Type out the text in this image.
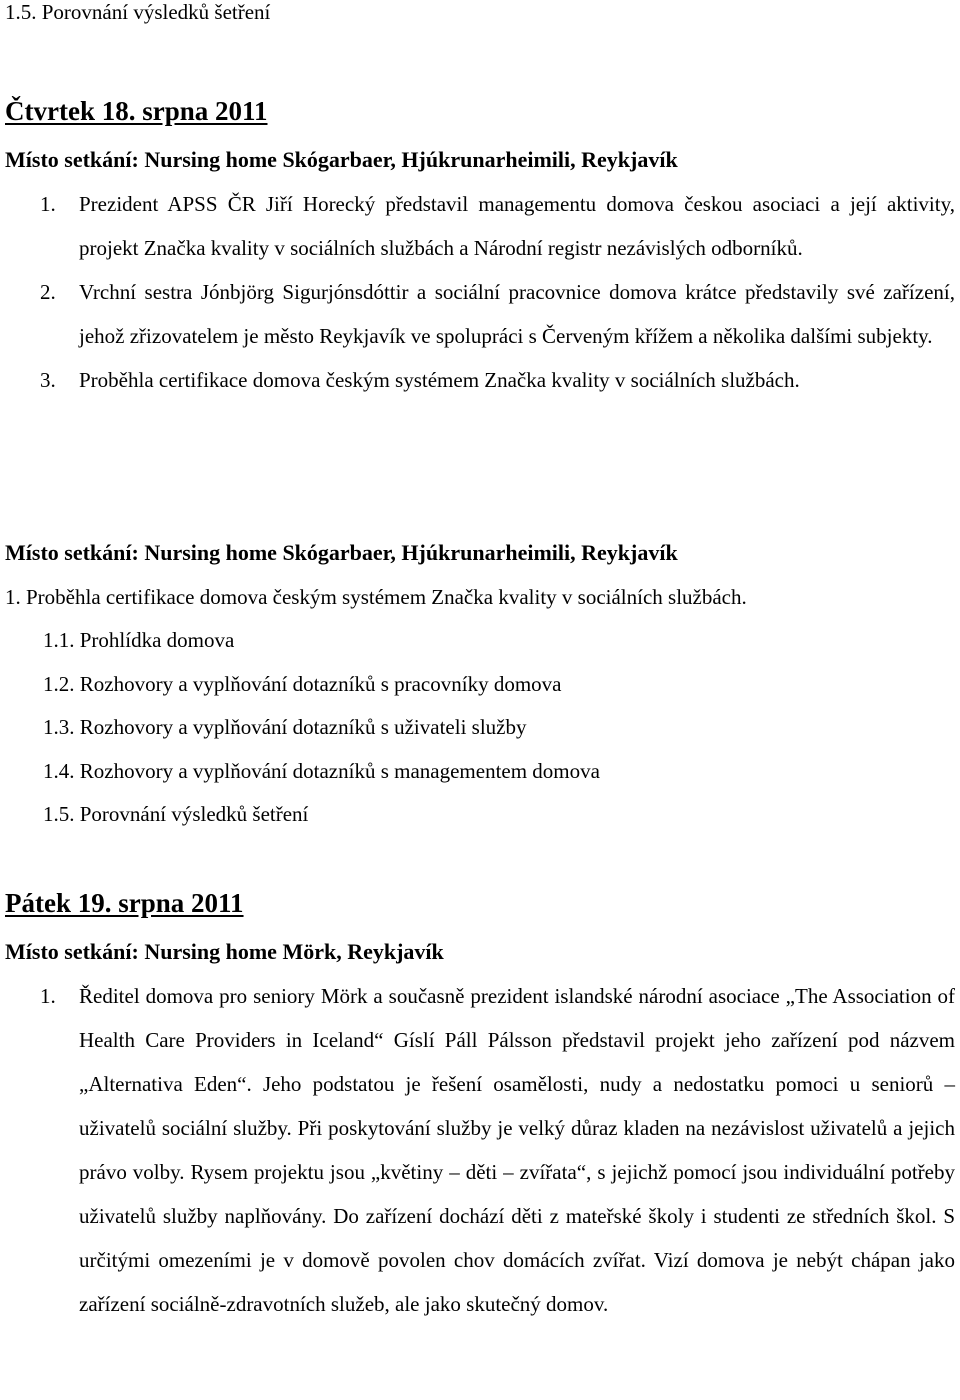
1.5. Porovnání výsledků šetření
Čtvrtek 18. srpna 2011
Místo setkání: Nursing home Skógarbaer, Hjúkrunarheimili, Reykjavík
1. Prezident APSS ČR Jiří Horecký představil managementu domova českou asociaci a její aktivity, projekt Značka kvality v sociálních službách a Národní registr nezávislých odborníků.
2. Vrchní sestra Jónbjörg Sigurjónsdóttir a sociální pracovnice domova krátce představily své zařízení, jehož zřizovatelem je město Reykjavík ve spolupráci s Červeným křížem a několika dalšími subjekty.
3. Proběhla certifikace domova českým systémem Značka kvality v sociálních službách.
Místo setkání: Nursing home Skógarbaer, Hjúkrunarheimili, Reykjavík
1. Proběhla certifikace domova českým systémem Značka kvality v sociálních službách.
1.1. Prohlídka domova
1.2. Rozhovory a vyplňování dotazníků s pracovníky domova
1.3. Rozhovory a vyplňování dotazníků s uživateli služby
1.4. Rozhovory a vyplňování dotazníků s managementem domova
1.5. Porovnání výsledků šetření
Pátek 19. srpna 2011
Místo setkání: Nursing home Mörk, Reykjavík
1. Ředitel domova pro seniory Mörk a současně prezident islandské národní asociace „The Association of Health Care Providers in Iceland“ Gíslí Páll Pálsson představil projekt jeho zařízení pod názvem „Alternativa Eden“. Jeho podstatou je řešení osamělosti, nudy a nedostatku pomoci u seniorů – uživatelů sociální služby. Při poskytování služby je velký důraz kladen na nezávislost uživatelů a jejich právo volby. Rysem projektu jsou „květiny – děti – zvířata“, s jejichž pomocí jsou individuální potřeby uživatelů služby naplňovány. Do zařízení dochází děti z mateřské školy i studenti ze středních škol. S určitými omezeními je v domově povolen chov domácích zvířat. Vizí domova je nebýt chápan jako zařízení sociálně-zdravotních služeb, ale jako skutečný domov.
